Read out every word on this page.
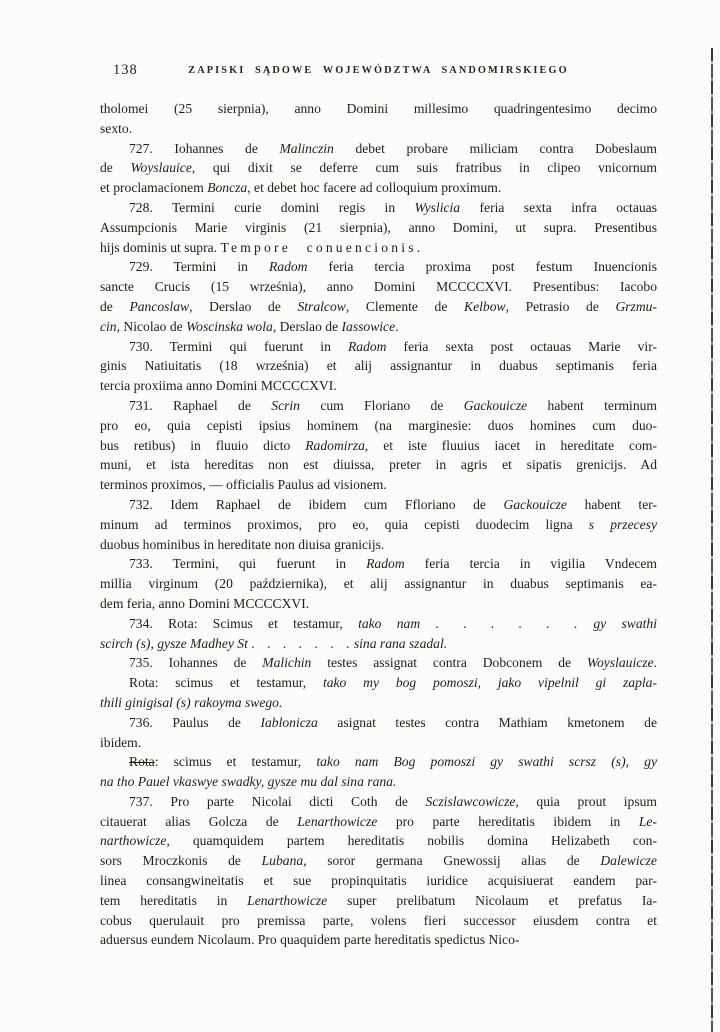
138	ZAPISKI SĄDOWE WOJEWÓDZTWA SANDOMIRSKIEGO
tholomei (25 sierpnia), anno Domini millesimo quadringentesimo decimo
sexto.
727. Iohannes de Malinczin debet probare miliciam contra Dobeslaum
de Woyslauice, qui dixit se deferre cum suis fratribus in clipeo vnicornum
et proclamacionem Boncza, et debet hoc facere ad colloquium proximum.
728. Termini curie domini regis in Wyslicia feria sexta infra octauas
Assumpcionis Marie virginis (21 sierpnia), anno Domini, ut supra. Presentibus
hijs dominis ut supra. Tempore conuencionis.
729. Termini in Radom feria tercia proxima post festum Inuencionis
sancte Crucis (15 września), anno Domini MCCCCXVI. Presentibus: Iacobo
de Pancoslaw, Derslao de Stralcow, Clemente de Kelbow, Petrasio de Grzmu-
cin, Nicolao de Woscinska wola, Derslao de Iassowice.
730. Termini qui fuerunt in Radom feria sexta post octauas Marie vir-
ginis Natiuitatis (18 września) et alij assignantur in duabus septimanis feria
tercia proxiima anno Domini MCCCCXVI.
731. Raphael de Scrin cum Floriano de Gackouicze habent terminum
pro eo, quia cepisti ipsius hominem (na marginesie: duos homines cum duo-
bus retibus) in fluuio dicto Radomirza, et iste fluuius iacet in hereditate com-
muni, et ista hereditas non est diuissa, preter in agris et sipatis grenicijs. Ad
terminos proximos, — officialis Paulus ad visionem.
732. Idem Raphael de ibidem cum Ffloriano de Gackouicze habent ter-
minum ad terminos proximos, pro eo, quia cepisti duodecim ligna s przecesy
duobus hominibus in hereditate non diuisa granicijs.
733. Termini, qui fuerunt in Radom feria tercia in vigilia Vndecem
millia virginum (20 października), et alij assignantur in duabus septimanis ea-
dem feria, anno Domini MCCCCXVI.
734. Rota: Scimus et testamur, tako nam . . . . . . gy swathi
scirch (s), gysze Madhey St . . . . . . . sina rana szadal.
735. Iohannes de Malichin testes assignat contra Dobconem de Woyslauicze.
Rota: scimus et testamur, tako my bog pomoszi, jako vipelnil gi zapla-
thili ginigisal (s) rakoyma swego.
736. Paulus de Iablonicza asignat testes contra Mathiam kmetonem de
ibidem.
Rota: scimus et testamur, tako nam Bog pomoszi gy swathi scrsz (s), gy
na tho Pauel vkaswye swadky, gysze mu dal sina rana.
737. Pro parte Nicolai dicti Coth de Sczislawcowicze, quia prout ipsum
citauerat alias Golcza de Lenarthowicze pro parte hereditatis ibidem in Le-
narthowicze, quamquidem partem hereditatis nobilis domina Helizabeth con-
sors Mroczkonis de Lubana, soror germana Gnewossij alias de Dalewicze
linea consangwineitatis et sue propinquitatis iuridice acquisiuerat eandem par-
tem hereditatis in Lenarthowicze super prelibatum Nicolaum et prefatus Ia-
cobus querulauit pro premissa parte, volens fieri successor eiusdem contra et
aduersus eundem Nicolaum. Pro quaquidem parte hereditatis spedictus Nico-
